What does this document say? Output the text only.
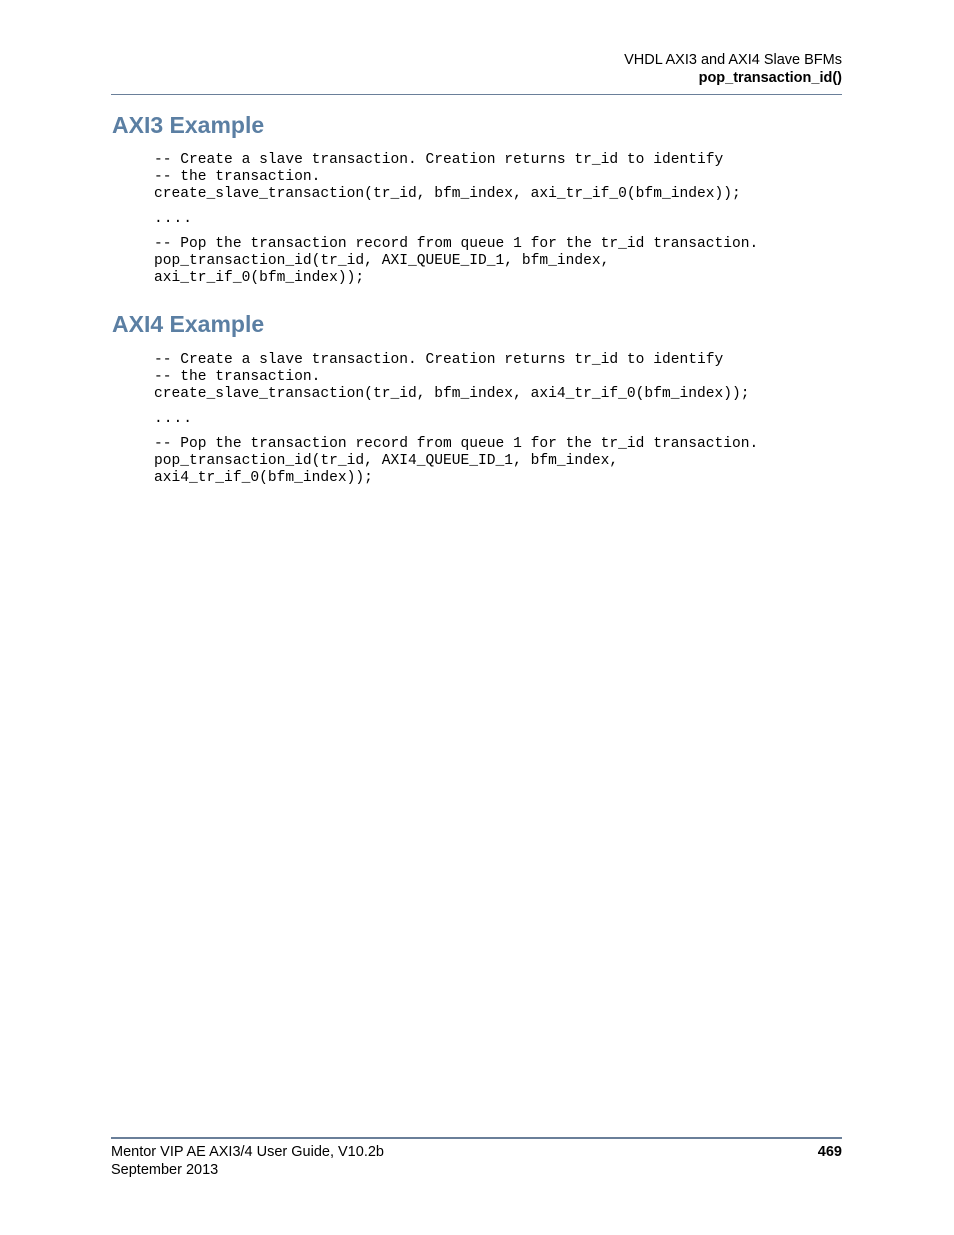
VHDL AXI3 and AXI4 Slave BFMs
pop_transaction_id()
AXI3 Example
-- Create a slave transaction. Creation returns tr_id to identify
-- the transaction.
create_slave_transaction(tr_id, bfm_index, axi_tr_if_0(bfm_index));
....
-- Pop the transaction record from queue 1 for the tr_id transaction.
pop_transaction_id(tr_id, AXI_QUEUE_ID_1, bfm_index,
axi_tr_if_0(bfm_index));
AXI4 Example
-- Create a slave transaction. Creation returns tr_id to identify
-- the transaction.
create_slave_transaction(tr_id, bfm_index, axi4_tr_if_0(bfm_index));
....
-- Pop the transaction record from queue 1 for the tr_id transaction.
pop_transaction_id(tr_id, AXI4_QUEUE_ID_1, bfm_index,
axi4_tr_if_0(bfm_index));
Mentor VIP AE AXI3/4 User Guide, V10.2b
September 2013
469
